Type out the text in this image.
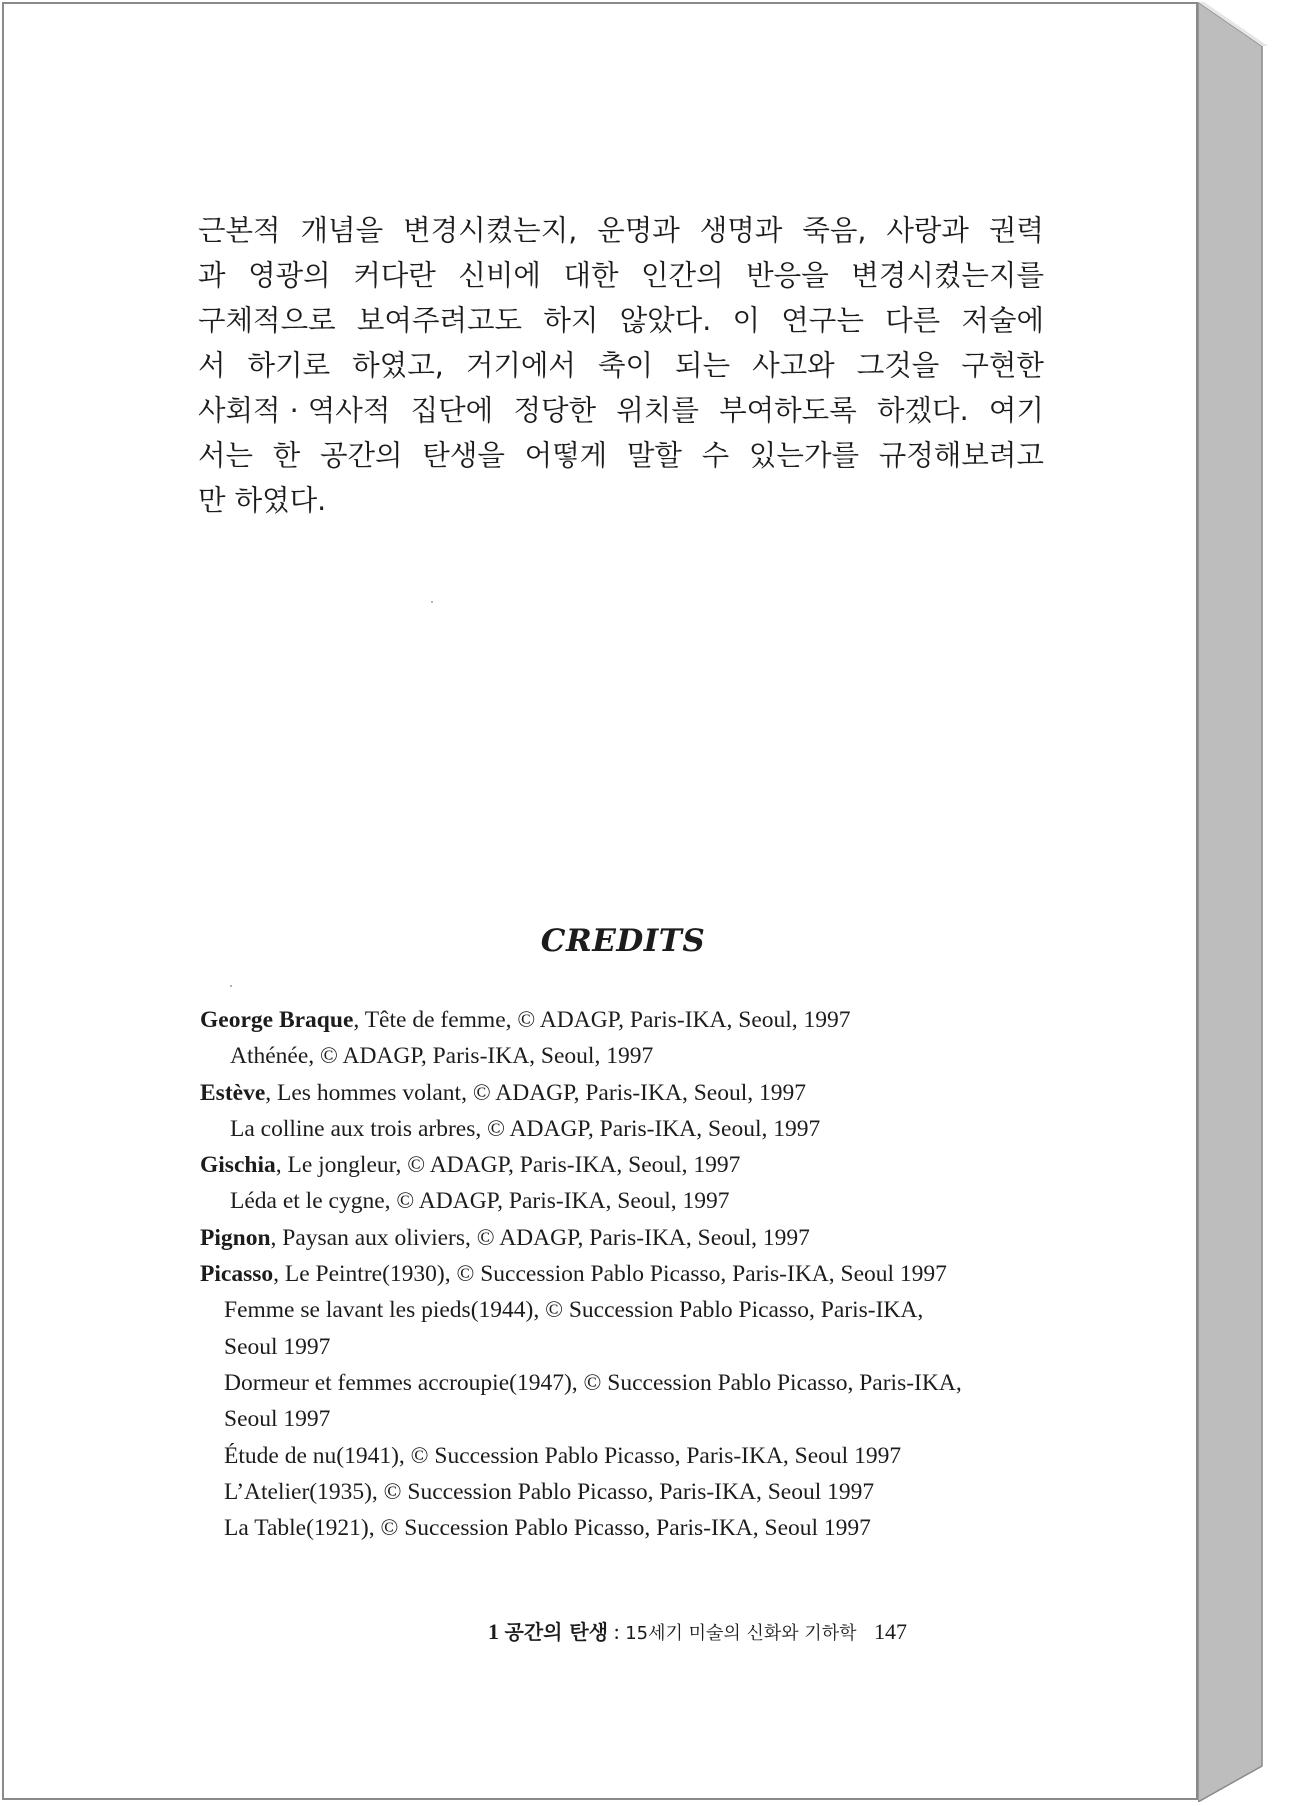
근본적 개념을 변경시켰는지, 운명과 생명과 죽음, 사랑과 권력
과 영광의 커다란 신비에 대한 인간의 반응을 변경시켰는지를
구체적으로 보여주려고도 하지 않았다. 이 연구는 다른 저술에
서 하기로 하였고, 거기에서 축이 되는 사고와 그것을 구현한
사회적 · 역사적 집단에 정당한 위치를 부여하도록 하겠다. 여기
서는 한 공간의 탄생을 어떻게 말할 수 있는가를 규정해보려고
만 하였다.
CREDITS
George Braque, Tête de femme, © ADAGP, Paris-IKA, Seoul, 1997
Athénée, © ADAGP, Paris-IKA, Seoul, 1997
Estève, Les hommes volant, © ADAGP, Paris-IKA, Seoul, 1997
La colline aux trois arbres, © ADAGP, Paris-IKA, Seoul, 1997
Gischia, Le jongleur, © ADAGP, Paris-IKA, Seoul, 1997
Léda et le cygne, © ADAGP, Paris-IKA, Seoul, 1997
Pignon, Paysan aux oliviers, © ADAGP, Paris-IKA, Seoul, 1997
Picasso, Le Peintre(1930), © Succession Pablo Picasso, Paris-IKA, Seoul 1997
Femme se lavant les pieds(1944), © Succession Pablo Picasso, Paris-IKA,
Seoul 1997
Dormeur et femmes accroupie(1947), © Succession Pablo Picasso, Paris-IKA,
Seoul 1997
Étude de nu(1941), © Succession Pablo Picasso, Paris-IKA, Seoul 1997
L’Atelier(1935), © Succession Pablo Picasso, Paris-IKA, Seoul 1997
La Table(1921), © Succession Pablo Picasso, Paris-IKA, Seoul 1997
1 공간의 탄생 : 15세기 미술의 신화와 기하학 147
